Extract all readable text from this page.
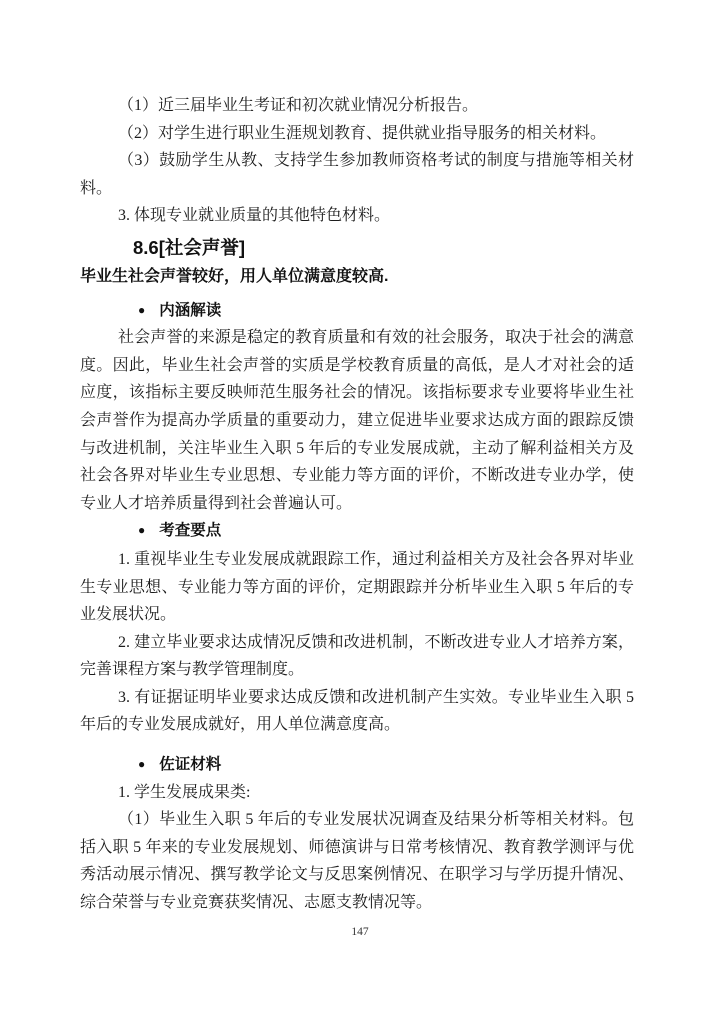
（1）近三届毕业生考证和初次就业情况分析报告。

（2）对学生进行职业生涯规划教育、提供就业指导服务的相关材料。

（3）鼓励学生从教、支持学生参加教师资格考试的制度与措施等相关材料。

3. 体现专业就业质量的其他特色材料。

8.6[社会声誉]

毕业生社会声誉较好，用人单位满意度较高.

● 内涵解读

社会声誉的来源是稳定的教育质量和有效的社会服务，取决于社会的满意度。因此，毕业生社会声誉的实质是学校教育质量的高低，是人才对社会的适应度，该指标主要反映师范生服务社会的情况。该指标要求专业要将毕业生社会声誉作为提高办学质量的重要动力，建立促进毕业要求达成方面的跟踪反馈与改进机制，关注毕业生入职 5 年后的专业发展成就，主动了解利益相关方及社会各界对毕业生专业思想、专业能力等方面的评价，不断改进专业办学，使专业人才培养质量得到社会普遍认可。

● 考查要点

1. 重视毕业生专业发展成就跟踪工作，通过利益相关方及社会各界对毕业生专业思想、专业能力等方面的评价，定期跟踪并分析毕业生入职 5 年后的专业发展状况。

2. 建立毕业要求达成情况反馈和改进机制，不断改进专业人才培养方案，完善课程方案与教学管理制度。

3. 有证据证明毕业要求达成反馈和改进机制产生实效。专业毕业生入职 5 年后的专业发展成就好，用人单位满意度高。

● 佐证材料

1. 学生发展成果类:

（1）毕业生入职 5 年后的专业发展状况调查及结果分析等相关材料。包括入职 5 年来的专业发展规划、师德演讲与日常考核情况、教育教学测评与优秀活动展示情况、撰写教学论文与反思案例情况、在职学习与学历提升情况、综合荣誉与专业竞赛获奖情况、志愿支教情况等。

147
